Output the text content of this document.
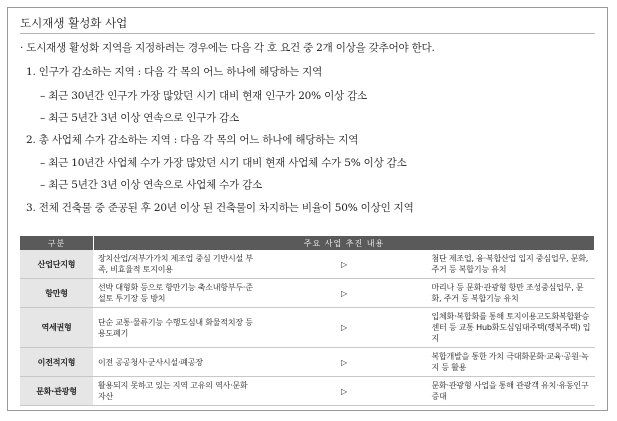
도시재생 활성화 사업
· 도시재생 활성화 지역을 지정하려는 경우에는 다음 각 호 요건 중 2개 이상을 갖추어야 한다.
1. 인구가 감소하는 지역 : 다음 각 목의 어느 하나에 해당하는 지역
– 최근 30년간 인구가 가장 많았던 시기 대비 현재 인구가 20% 이상 감소
– 최근 5년간 3년 이상 연속으로 인구가 감소
2. 총 사업체 수가 감소하는 지역 : 다음 각 목의 어느 하나에 해당하는 지역
– 최근 10년간 사업체 수가 가장 많았던 시기 대비 현재 사업체 수가 5% 이상 감소
– 최근 5년간 3년 이상 연속으로 사업체 수가 감소
3. 전체 건축물 중 준공된 후 20년 이상 된 건축물이 차지하는 비율이 50% 이상인 지역
구분	주요 사업 추진 내용		
산업단지형	장치산업/저부가가치 제조업 중심 기반시설 부족, 비효율적 토지이용	▷	첨단 제조업, 융·복합산업 입지 중심업무, 문화, 주거 등 복합기능 유치
항만형	선박 대형화 등으로 항만기능 축소내항부두·준설토 투기장 등 방치	▷	마리나 등 문화·관광형 항만 조성중심업무, 문화, 주거 등 복합기능 유치
역세권형	단순 교통·물류기능 수행도심내 화물적치장 등 용도폐기	▷	입체화·복합화를 통해 토지이용고도화복합환승센터 등 교통 Hub화도심임대주택(행복주택) 입지
이전적지형	이전 공공청사·군사시설·폐공장	▷	복합개발을 통한 가치 극대화문화·교육·공원·녹지 등 활용
문화·관광형	활용되지 못하고 있는 지역 고유의 역사·문화 자산	▷	문화·관광형 사업을 통해 관광객 유치·유동인구 증대
